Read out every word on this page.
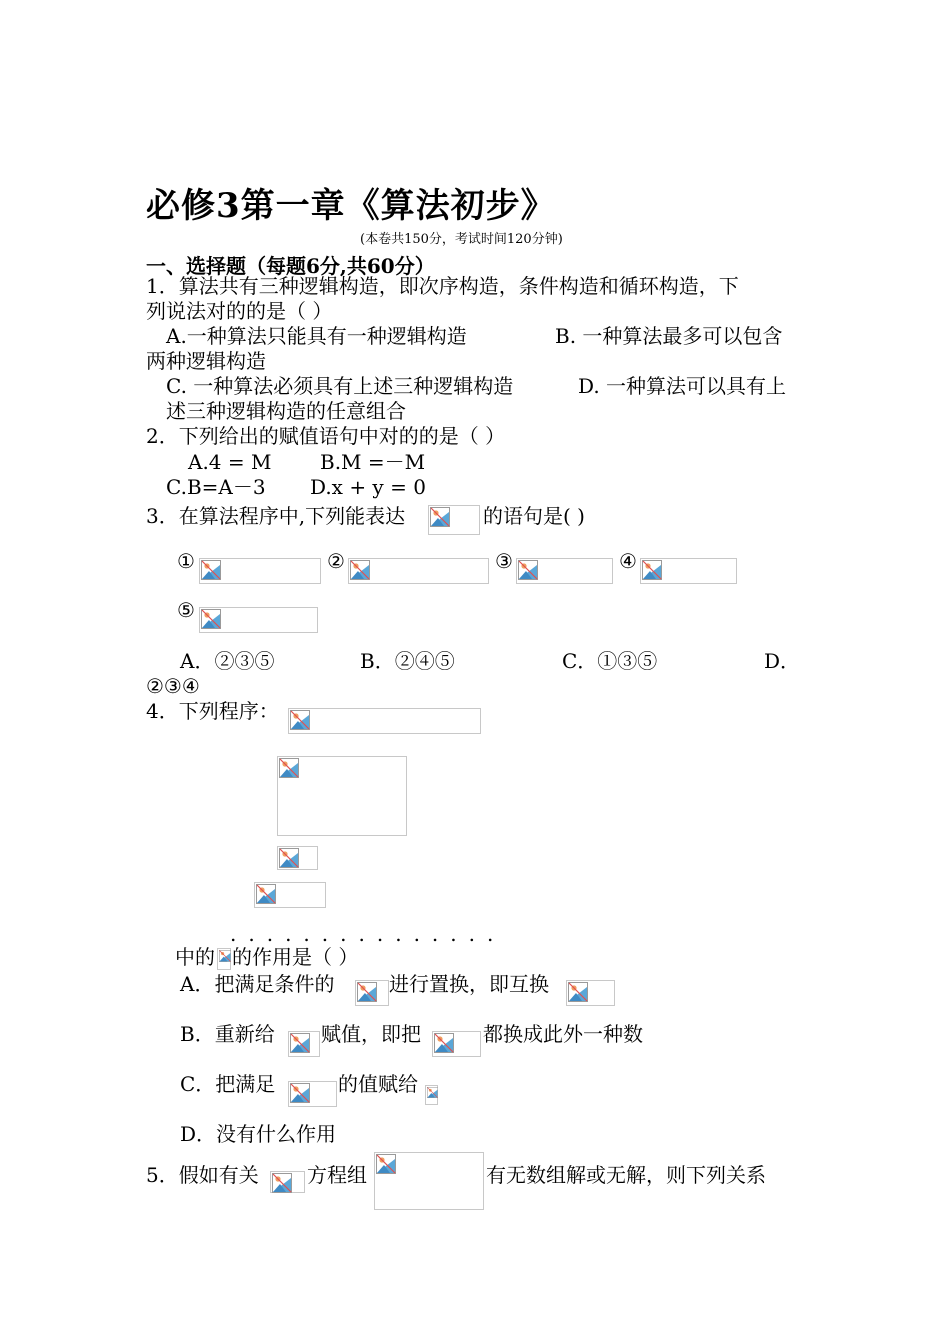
必修3第一章《算法初步》
(本卷共150分，考试时间120分钟)
一、选择题（每题6分,共60分）
1．算法共有三种逻辑构造，即次序构造，条件构造和循环构造，下
列说法对的的是（ ）
A.一种算法只能具有一种逻辑构造	B. 一种算法最多可以包含
两种逻辑构造
C. 一种算法必须具有上述三种逻辑构造	D. 一种算法可以具有上
述三种逻辑构造的任意组合
2．下列给出的赋值语句中对的的是（ ）
A.4 = M B.M =－M
C.B=A－3 D.x + y = 0
3．在算法程序中,下列能表达	的语句是( )
①	②	③	④
⑤
A．②③⑤	B．②④⑤	C．①③⑤	D．
②③④
4．下列程序：
...............
中的 的作用是（ ）
A．把满足条件的	进行置换，即互换
B．重新给 赋值，即把	都换成此外一种数
C．把满足	的值赋给
D．没有什么作用
5．假如有关 方程组	有无数组解或无解，则下列关系
